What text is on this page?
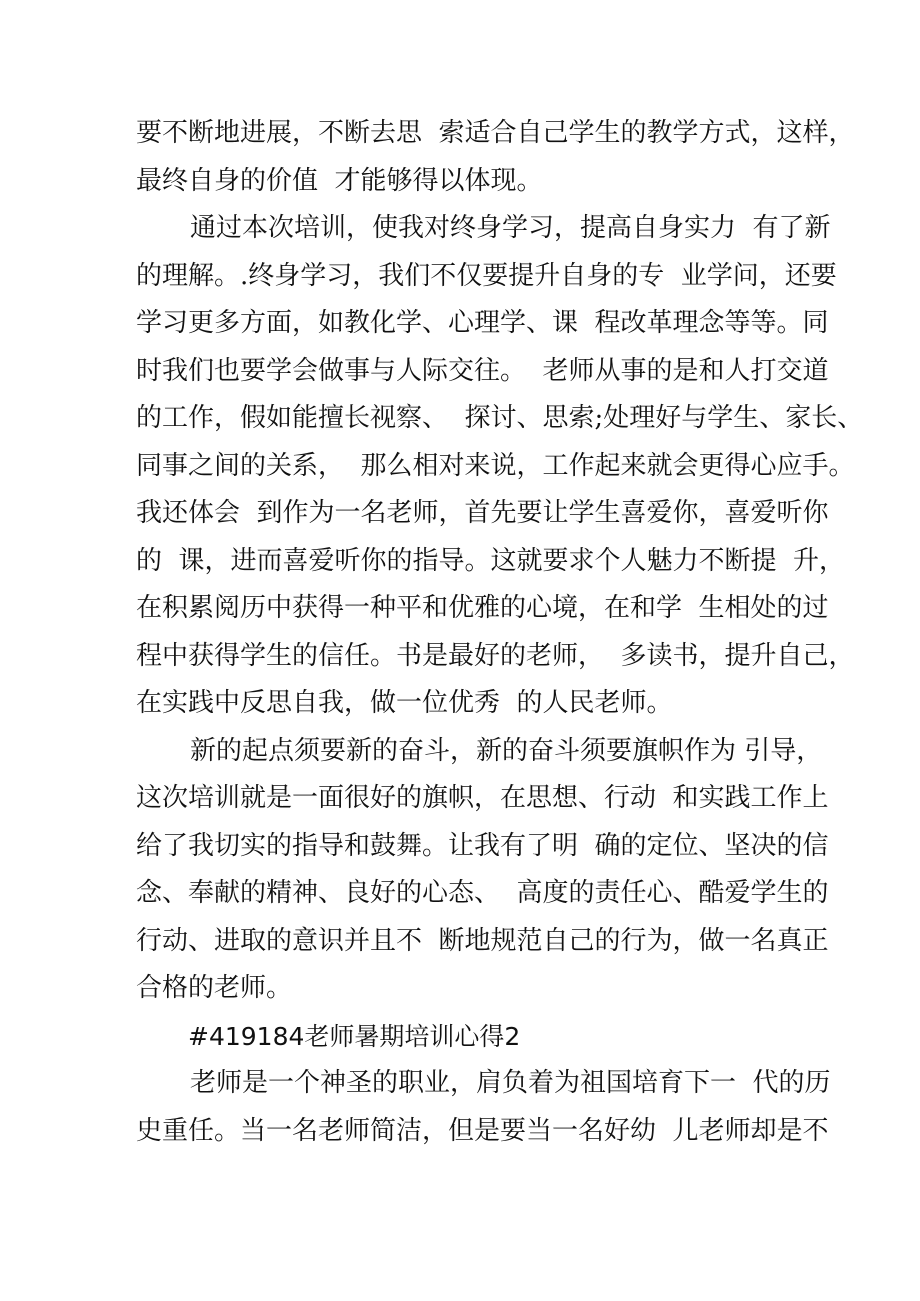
要不断地进展，不断去思  索适合自己学生的教学方式，这样，
最终自身的价值  才能够得以体现。
通过本次培训，使我对终身学习，提高自身实力  有了新
的理解。.终身学习，我们不仅要提升自身的专  业学问，还要
学习更多方面，如教化学、心理学、课  程改革理念等等。同
时我们也要学会做事与人际交往。  老师从事的是和人打交道
的工作，假如能擅长视察、  探讨、思索;处理好与学生、家长、
同事之间的关系，  那么相对来说，工作起来就会更得心应手。
我还体会  到作为一名老师，首先要让学生喜爱你，喜爱听你
的  课，进而喜爱听你的指导。这就要求个人魅力不断提  升，
在积累阅历中获得一种平和优雅的心境，在和学  生相处的过
程中获得学生的信任。书是最好的老师，  多读书，提升自己，
在实践中反思自我，做一位优秀  的人民老师。
新的起点须要新的奋斗，新的奋斗须要旗帜作为 引导，
这次培训就是一面很好的旗帜，在思想、行动  和实践工作上
给了我切实的指导和鼓舞。让我有了明  确的定位、坚决的信
念、奉献的精神、良好的心态、  高度的责任心、酷爱学生的
行动、进取的意识并且不  断地规范自己的行为，做一名真正
合格的老师。
#419184老师暑期培训心得2
老师是一个神圣的职业，肩负着为祖国培育下一  代的历
史重任。当一名老师简洁，但是要当一名好幼  儿老师却是不
